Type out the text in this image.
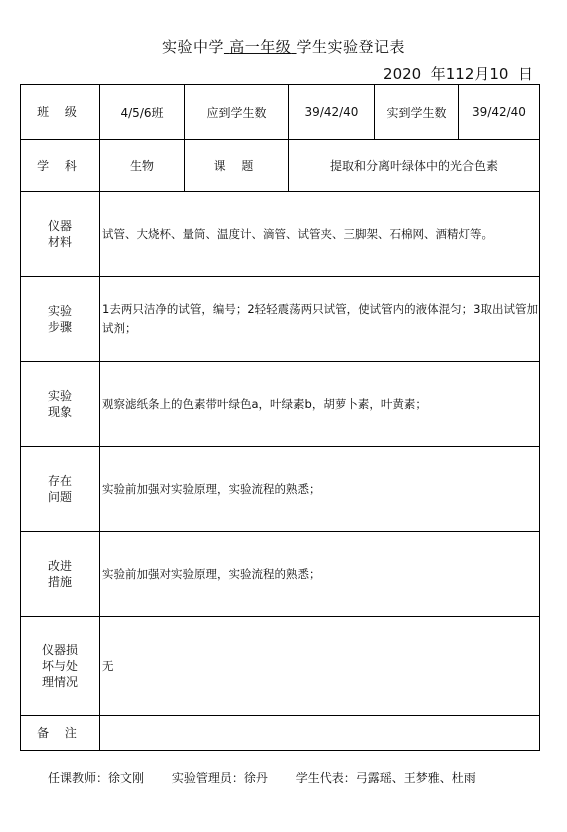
实验中学 高一年级 学生实验登记表
2020  年112月10  日
班 级	4/5/6班	应到学生数	39/42/40	实到学生数	39/42/40
学 科	生物	课 题	提取和分离叶绿体中的光合色素		

仪器材料	试管、大烧杯、量筒、温度计、滴管、试管夹、三脚架、石棉网、酒精灯等。				

实验步骤	1去两只洁净的试管，编号；2轻轻震荡两只试管，使试管内的液体混匀；3取出试管加试剂；				

实验现象	观察滤纸条上的色素带叶绿色a，叶绿素b，胡萝卜素，叶黄素；				

存在问题	实验前加强对实验原理，实验流程的熟悉；				

改进措施	实验前加强对实验原理，实验流程的熟悉；				

仪器损坏与处理情况	无				
备 注					
任课教师：徐文刚 实验管理员：徐丹 学生代表：弓露瑶、王梦雅、杜雨
